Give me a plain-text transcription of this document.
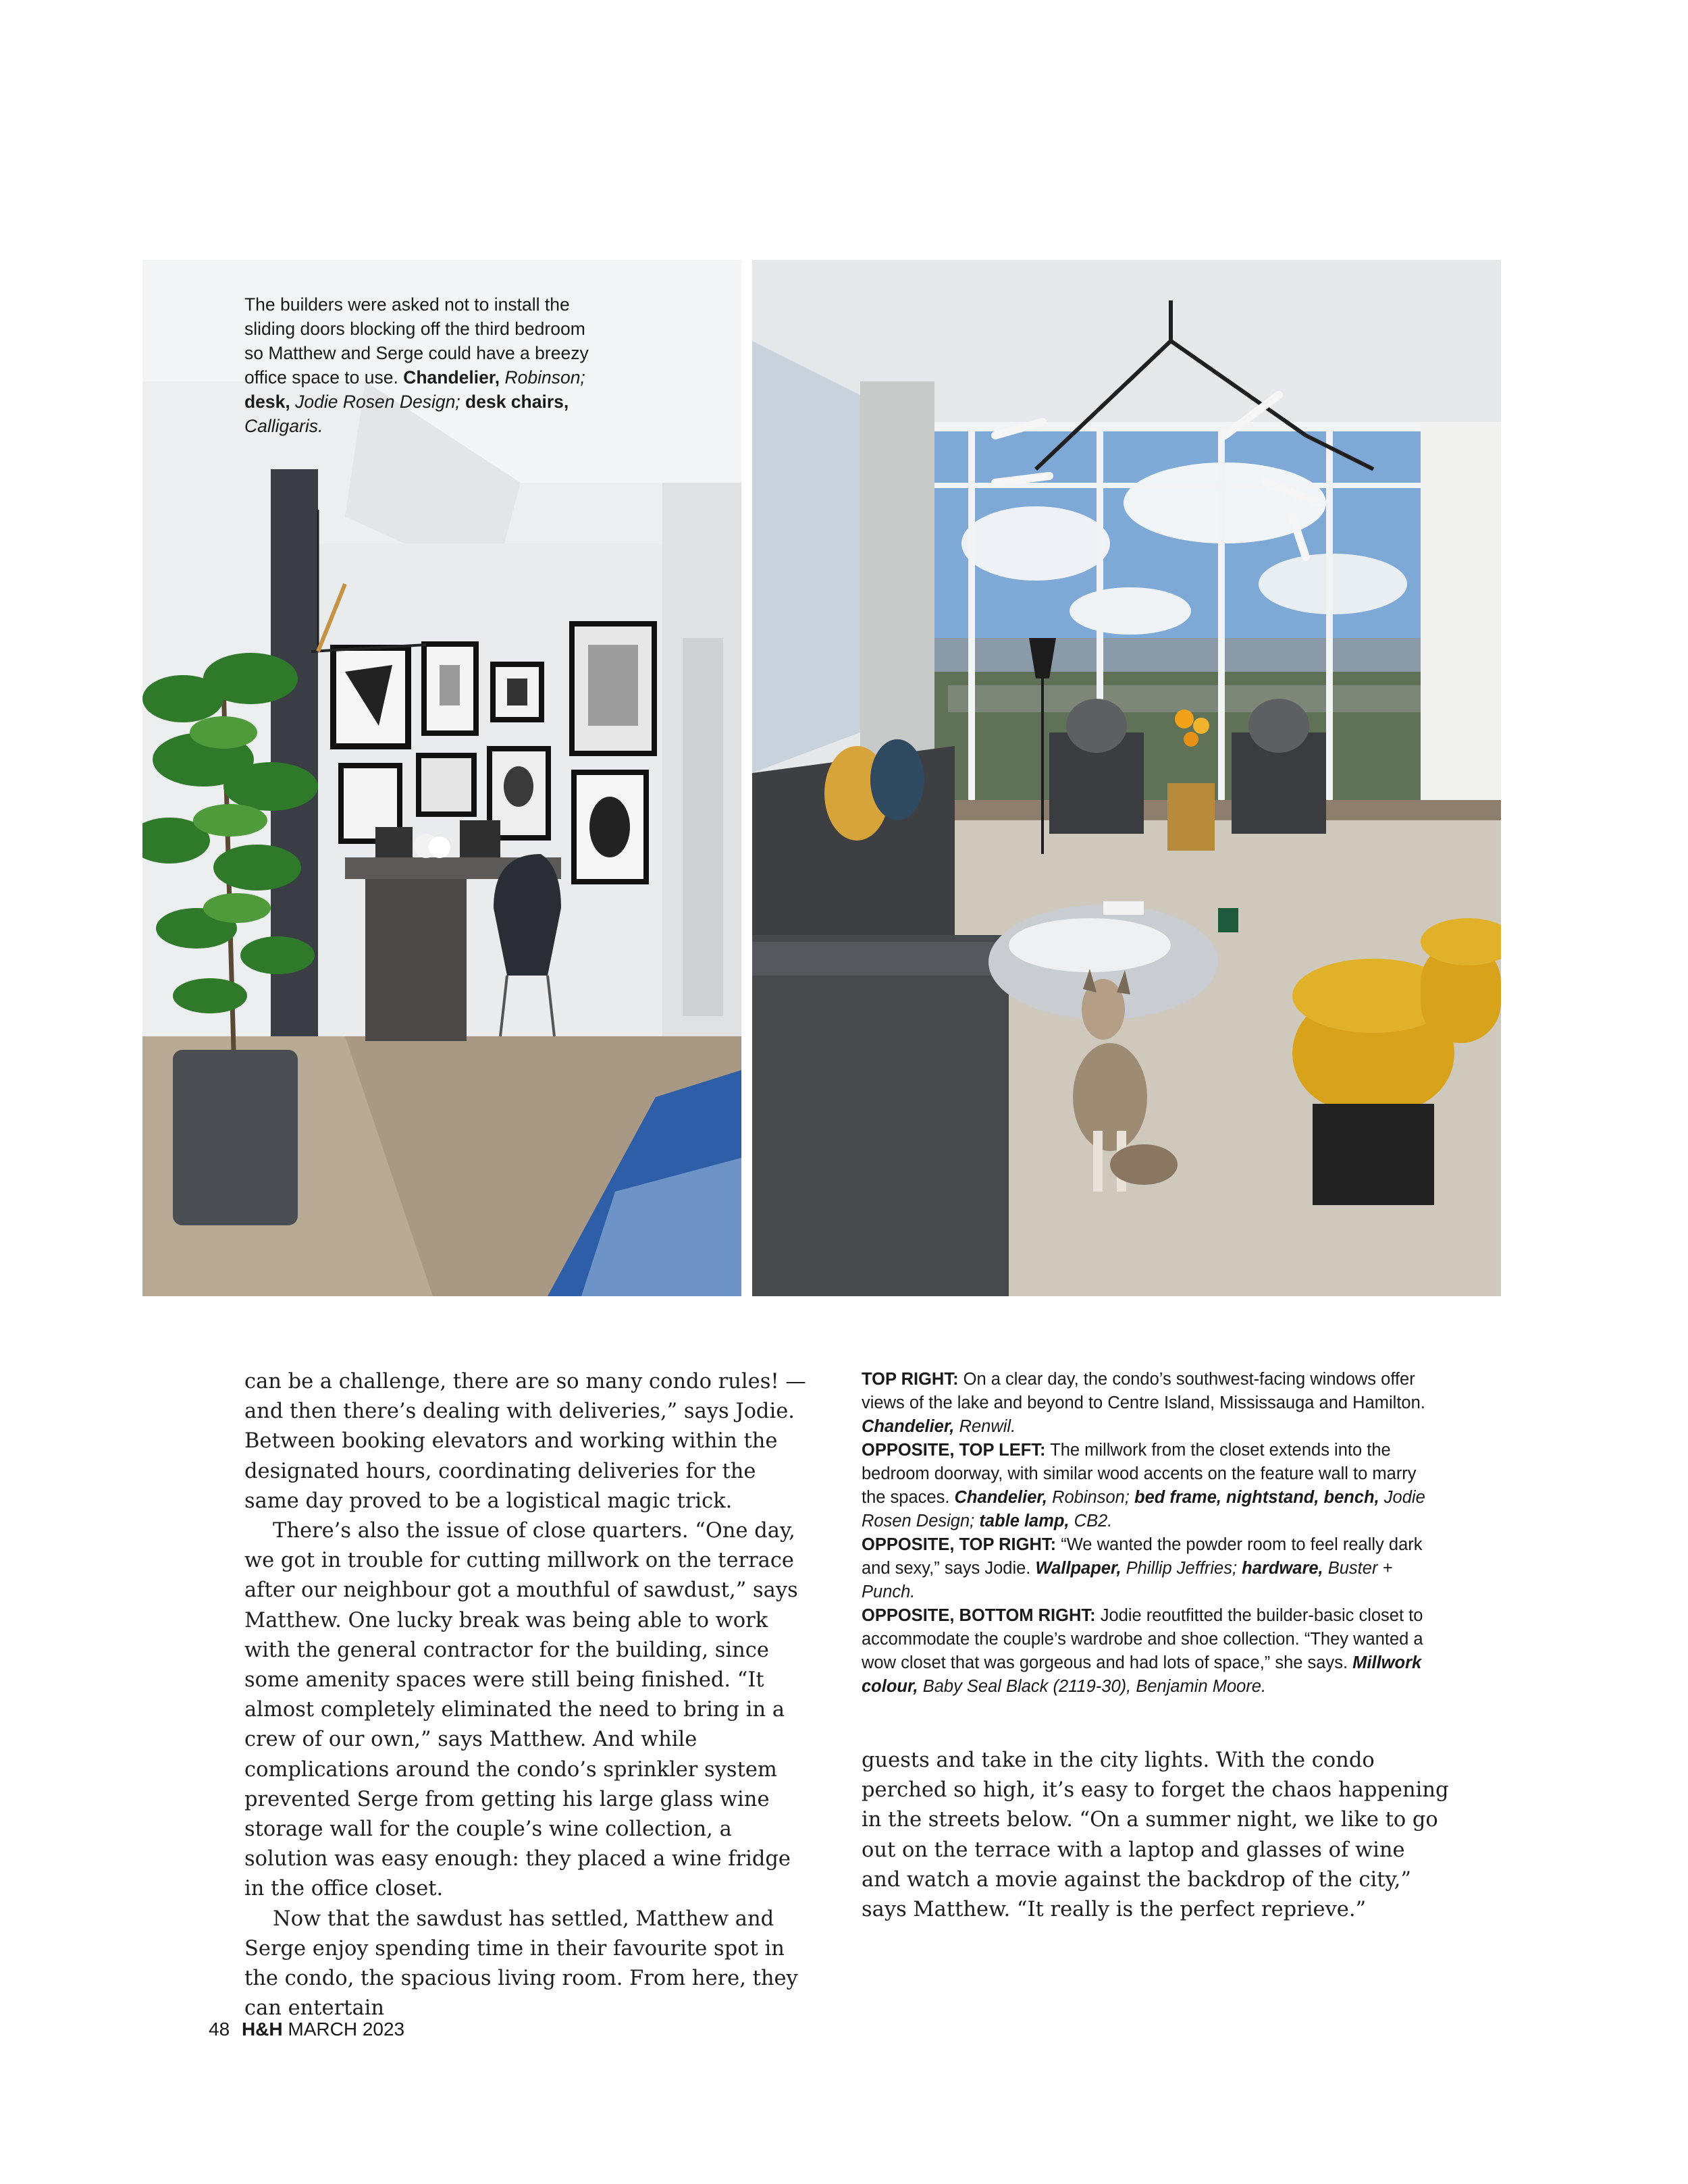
The builders were asked not to install the sliding doors blocking off the third bedroom so Matthew and Serge could have a breezy office space to use. Chandelier, Robinson; desk, Jodie Rosen Design; desk chairs, Calligaris.

can be a challenge, there are so many condo rules! — and then there’s dealing with deliveries,” says Jodie. Between booking elevators and working within the designated hours, coordinating deliveries for the same day proved to be a logistical magic trick.

There’s also the issue of close quarters. “One day, we got in trouble for cutting millwork on the terrace after our neighbour got a mouthful of sawdust,” says Matthew. One lucky break was being able to work with the general contractor for the building, since some amenity spaces were still being finished. “It almost completely eliminated the need to bring in a crew of our own,” says Matthew. And while complications around the condo’s sprinkler system prevented Serge from getting his large glass wine storage wall for the couple’s wine collection, a solution was easy enough: they placed a wine fridge in the office closet.

Now that the sawdust has settled, Matthew and Serge enjoy spending time in their favourite spot in the condo, the spacious living room. From here, they can entertain

TOP RIGHT: On a clear day, the condo’s southwest-facing windows offer views of the lake and beyond to Centre Island, Mississauga and Hamilton. Chandelier, Renwil.

OPPOSITE, TOP LEFT: The millwork from the closet extends into the bedroom doorway, with similar wood accents on the feature wall to marry the spaces. Chandelier, Robinson; bed frame, nightstand, bench, Jodie Rosen Design; table lamp, CB2.

OPPOSITE, TOP RIGHT: “We wanted the powder room to feel really dark and sexy,” says Jodie. Wallpaper, Phillip Jeffries; hardware, Buster + Punch.

OPPOSITE, BOTTOM RIGHT: Jodie reoutfitted the builder-basic closet to accommodate the couple’s wardrobe and shoe collection. “They wanted a wow closet that was gorgeous and had lots of space,” she says. Millwork colour, Baby Seal Black (2119-30), Benjamin Moore.

guests and take in the city lights. With the condo perched so high, it’s easy to forget the chaos happening in the streets below. “On a summer night, we like to go out on the terrace with a laptop and glasses of wine and watch a movie against the backdrop of the city,” says Matthew. “It really is the perfect reprieve.”

48 H&H MARCH 2023
